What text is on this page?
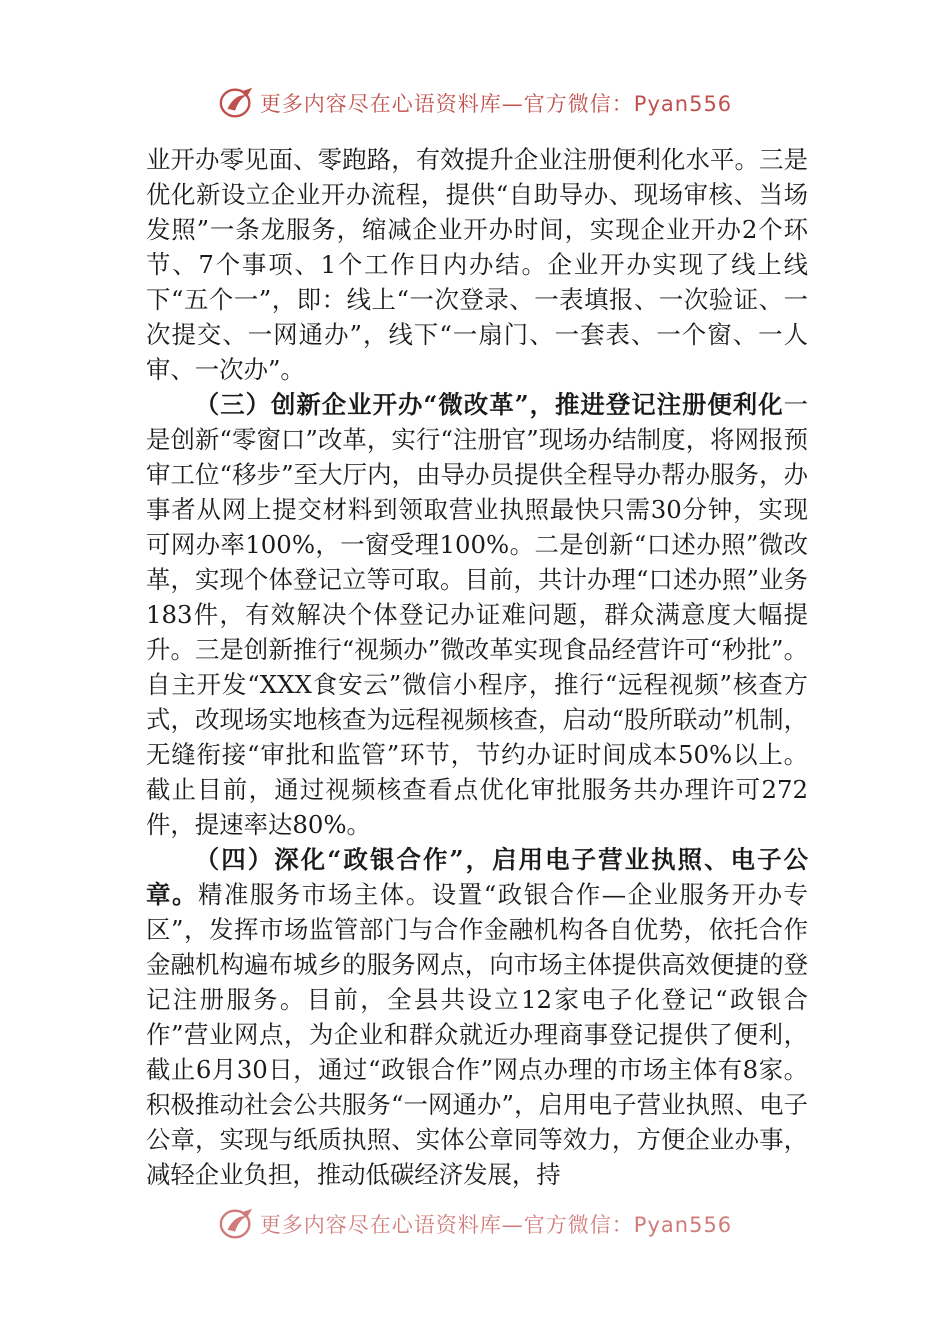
更多内容尽在心语资料库—官方微信：Pyan556

业开办零见面、零跑路，有效提升企业注册便利化水平。三是优化新设立企业开办流程，提供“自助导办、现场审核、当场发照”一条龙服务，缩减企业开办时间，实现企业开办2个环节、7个事项、1个工作日内办结。企业开办实现了线上线下“五个一”，即：线上“一次登录、一表填报、一次验证、一次提交、一网通办”，线下“一扇门、一套表、一个窗、一人审、一次办”。

（三）创新企业开办“微改革”，推进登记注册便利化一是创新“零窗口”改革，实行“注册官”现场办结制度，将网报预审工位“移步”至大厅内，由导办员提供全程导办帮办服务，办事者从网上提交材料到领取营业执照最快只需30分钟，实现可网办率100%，一窗受理100%。二是创新“口述办照”微改革，实现个体登记立等可取。目前，共计办理“口述办照”业务183件，有效解决个体登记办证难问题，群众满意度大幅提升。三是创新推行“视频办”微改革实现食品经营许可“秒批”。自主开发“XXX食安云”微信小程序，推行“远程视频”核查方式，改现场实地核查为远程视频核查，启动“股所联动”机制，无缝衔接“审批和监管”环节，节约办证时间成本50%以上。截止目前，通过视频核查看点优化审批服务共办理许可272件，提速率达80%。

（四）深化“政银合作”，启用电子营业执照、电子公章。精准服务市场主体。设置“政银合作—企业服务开办专区”，发挥市场监管部门与合作金融机构各自优势，依托合作金融机构遍布城乡的服务网点，向市场主体提供高效便捷的登记注册服务。目前，全县共设立12家电子化登记“政银合作”营业网点，为企业和群众就近办理商事登记提供了便利，截止6月30日，通过“政银合作”网点办理的市场主体有8家。积极推动社会公共服务“一网通办”，启用电子营业执照、电子公章，实现与纸质执照、实体公章同等效力，方便企业办事，减轻企业负担，推动低碳经济发展，持

更多内容尽在心语资料库—官方微信：Pyan556
